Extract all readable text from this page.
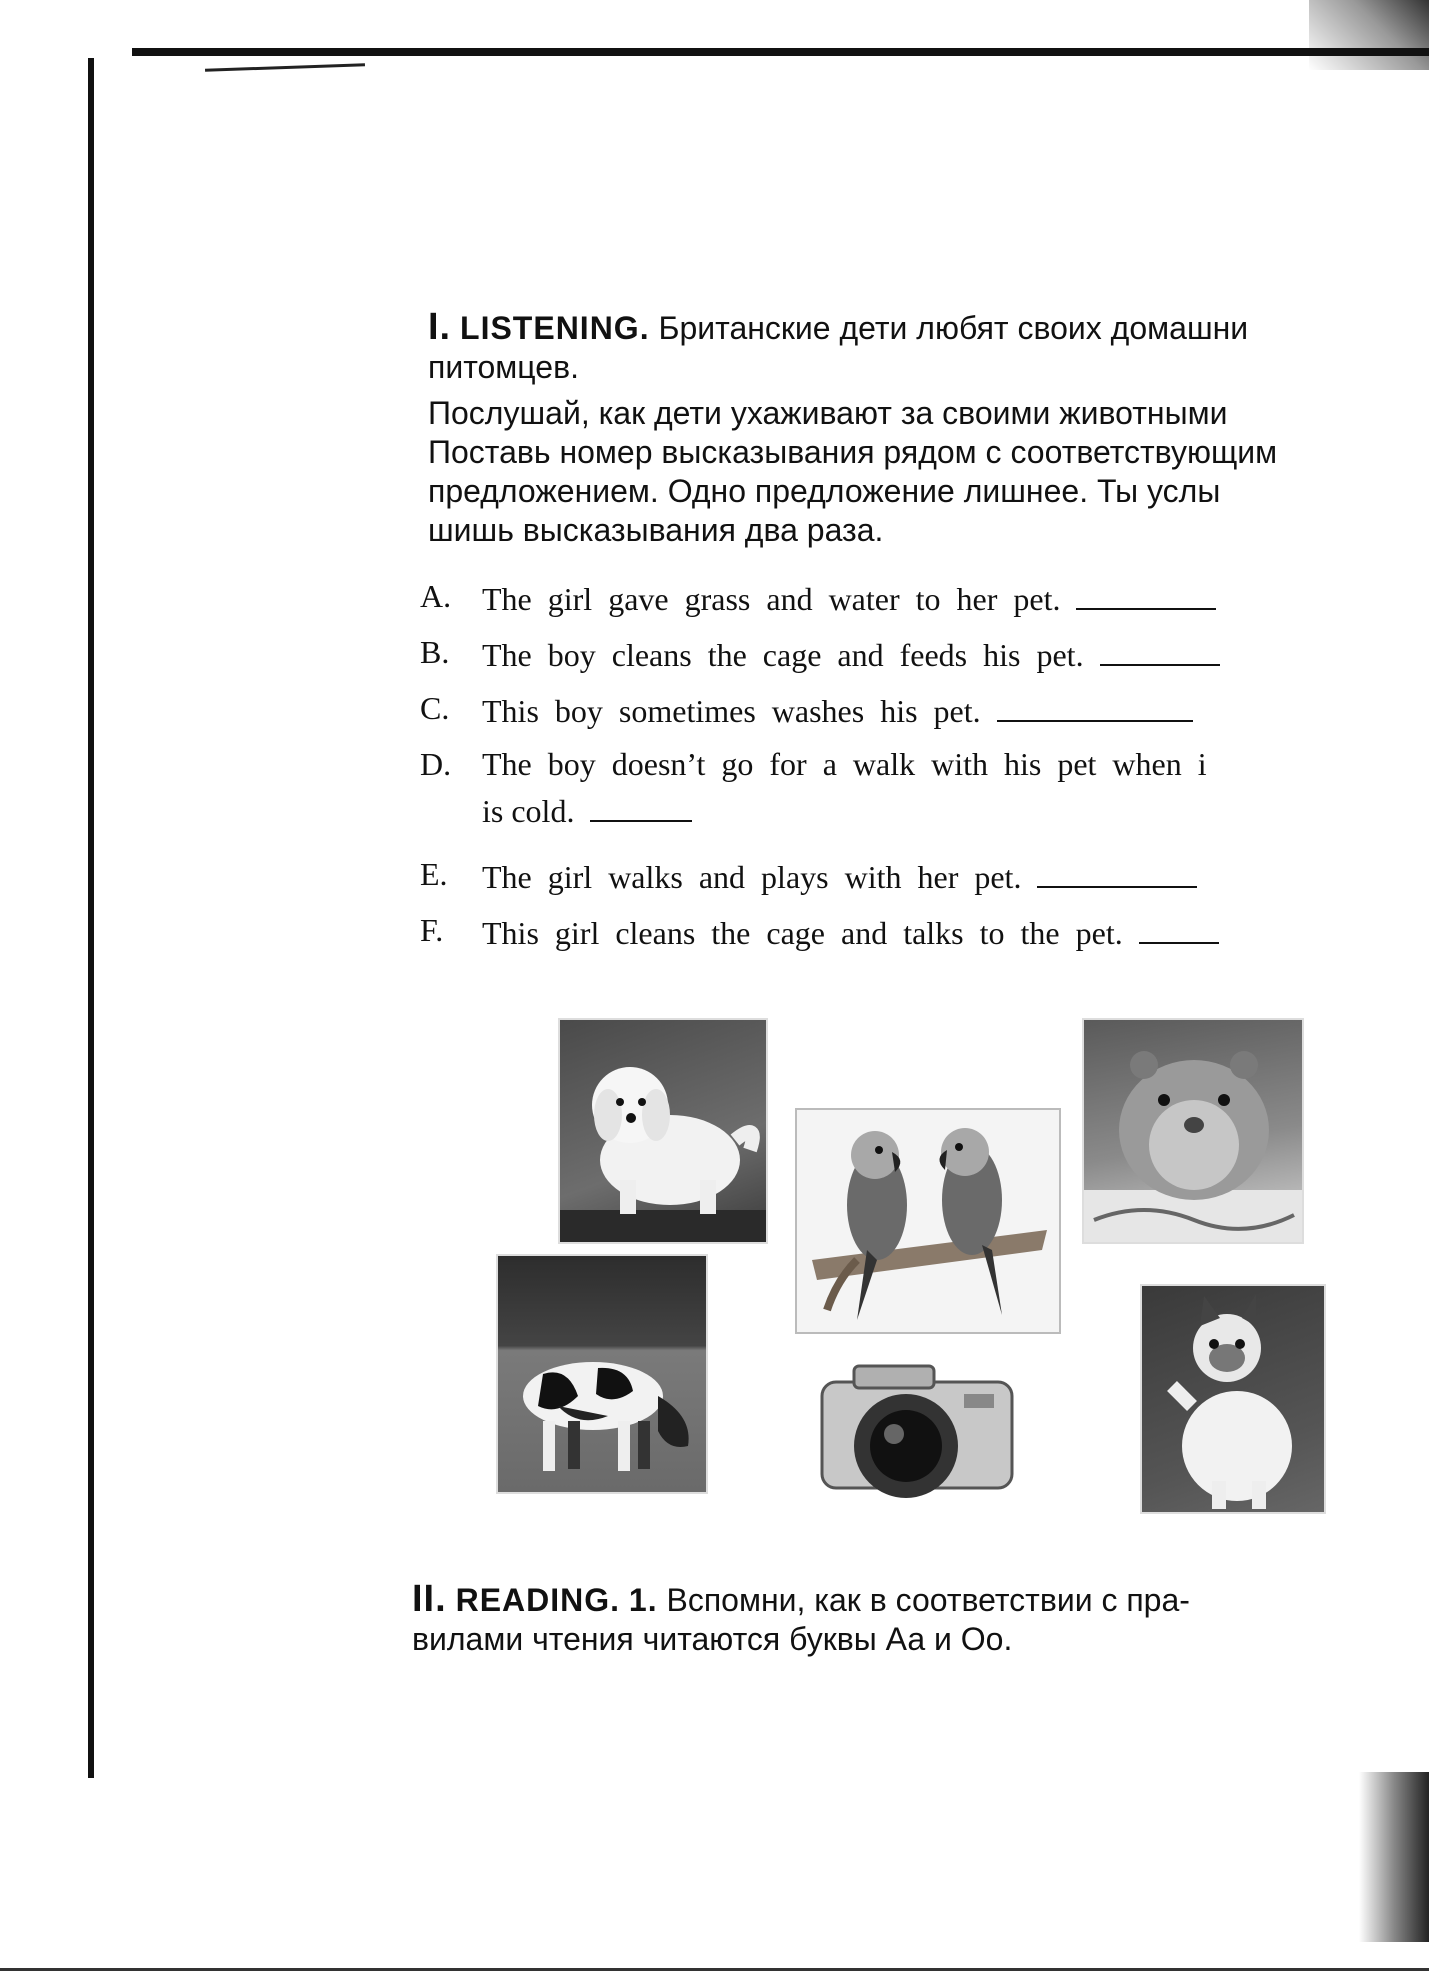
I. LISTENING. Британские дети любят своих домашни

питомцев.

Послушай, как дети ухаживают за своими животными

Поставь номер высказывания рядом с соответствующим

предложением. Одно предложение лишнее. Ты услы

шишь высказывания два раза.

A. The girl gave grass and water to her pet.
B.	The boy cleans the cage and feeds his pet.
C.	This boy sometimes washes his pet.
D. The boy doesn’t go for a walk with his pet when i
is cold.
E.	The girl walks and plays with her pet.
F.	This girl cleans the cage and talks to the pet.

II. READING. 1. Вспомни, как в соответствии с пра-

вилами чтения читаются буквы Аа и Оо.
